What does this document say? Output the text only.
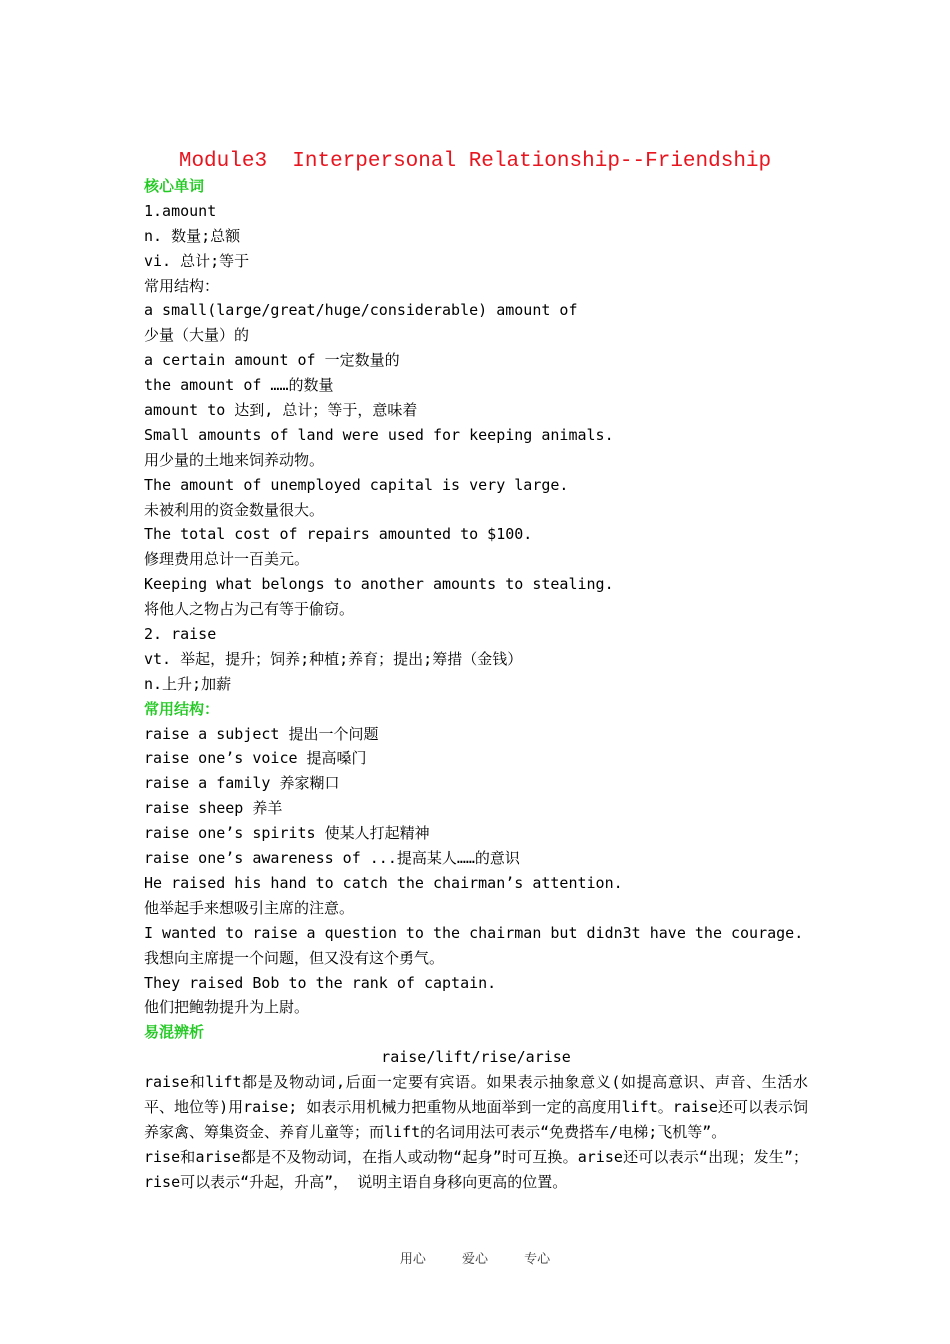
Module3  Interpersonal Relationship--Friendship
核心单词
1.amount
n. 数量;总额
vi. 总计;等于
常用结构：
a small(large/great/huge/considerable) amount of
少量（大量）的
a certain amount of 一定数量的
the amount of ……的数量
amount to 达到, 总计；等于，意味着
Small amounts of land were used for keeping animals.
用少量的土地来饲养动物。
The amount of unemployed capital is very large.
未被利用的资金数量很大。
The total cost of repairs amounted to $100.
修理费用总计一百美元。
Keeping what belongs to another amounts to stealing.
将他人之物占为己有等于偷窃。
2. raise
vt. 举起，提升；饲养;种植;养育；提出;筹措（金钱）
n.上升;加薪
常用结构：
raise a subject 提出一个问题
raise one’s voice 提高嗓门
raise a family 养家糊口
raise sheep 养羊
raise one’s spirits 使某人打起精神
raise one’s awareness of ...提高某人……的意识
He raised his hand to catch the chairman’s attention.
他举起手来想吸引主席的注意。
I wanted to raise a question to the chairman but didn3t have the courage.
我想向主席提一个问题，但又没有这个勇气。
They raised Bob to the rank of captain.
他们把鲍勃提升为上尉。
易混辨析
raise/lift/rise/arise
raise和lift都是及物动词,后面一定要有宾语。如果表示抽象意义(如提高意识、声音、生活水平、地位等)用raise; 如表示用机械力把重物从地面举到一定的高度用lift。raise还可以表示饲养家禽、筹集资金、养育儿童等；而lift的名词用法可表示“免费搭车/电梯;飞机等”。
rise和arise都是不及物动词，在指人或动物“起身”时可互换。arise还可以表示“出现；发生”；rise可以表示“升起，升高”， 说明主语自身移向更高的位置。
用心	爱心	专心
